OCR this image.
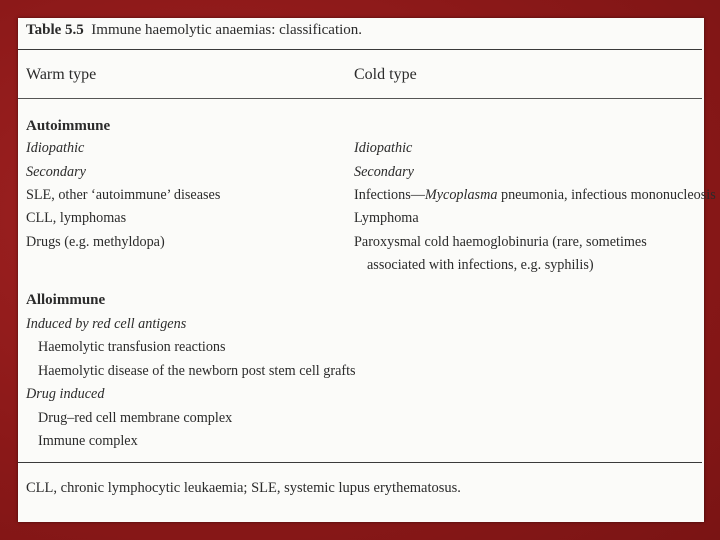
Table 5.5 Immune haemolytic anaemias: classification.
Warm type	Cold type
Autoimmune
Idiopathic
Secondary
SLE, other ‘autoimmune’ diseases
CLL, lymphomas
Drugs (e.g. methyldopa)
Alloimmune
Induced by red cell antigens
Haemolytic transfusion reactions
Haemolytic disease of the newborn post stem cell grafts
Drug induced
Drug–red cell membrane complex
Immune complex
Idiopathic
Secondary
Infections—Mycoplasma pneumonia, infectious mononucleosis
Lymphoma
Paroxysmal cold haemoglobinuria (rare, sometimes
associated with infections, e.g. syphilis)
CLL, chronic lymphocytic leukaemia; SLE, systemic lupus erythematosus.
